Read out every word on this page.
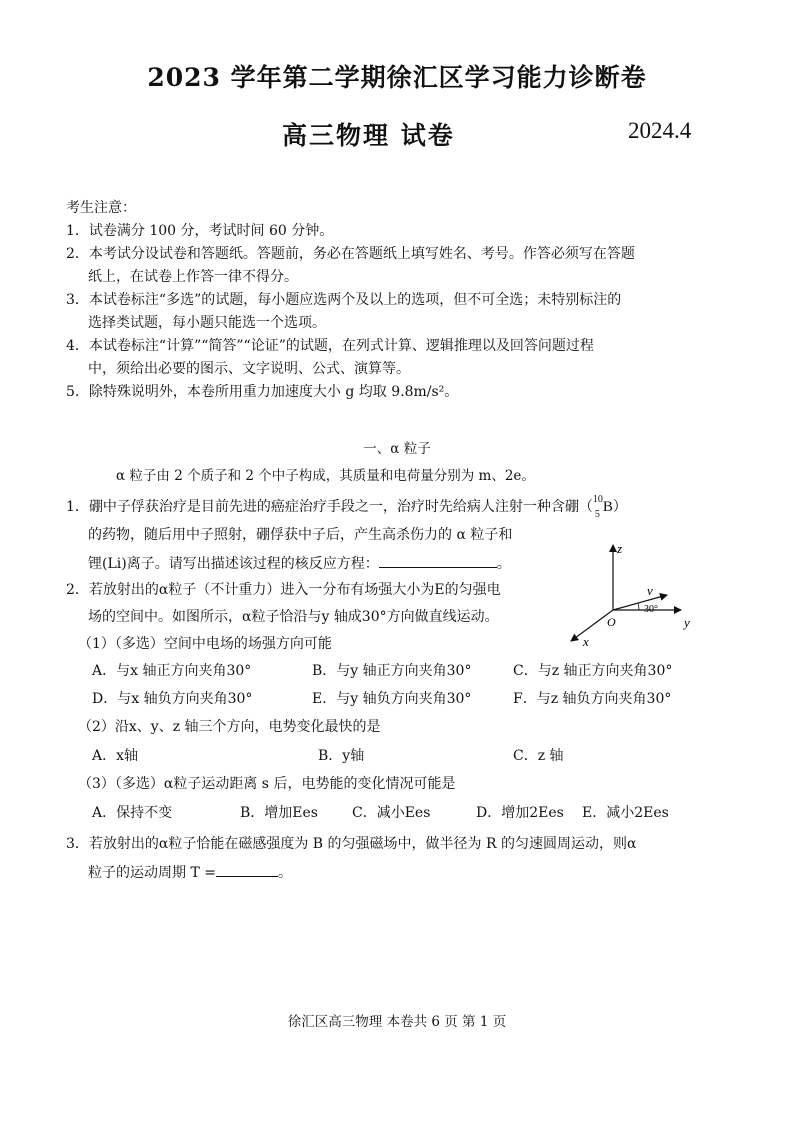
2023 学年第二学期徐汇区学习能力诊断卷
高三物理 试卷	2024.4
考生注意：
1．试卷满分 100 分，考试时间 60 分钟。
2．本考试分设试卷和答题纸。答题前，务必在答题纸上填写姓名、考号。作答必须写在答题
纸上，在试卷上作答一律不得分。
3．本试卷标注“多选”的试题，每小题应选两个及以上的选项，但不可全选；未特别标注的
选择类试题，每小题只能选一个选项。
4．本试卷标注“计算”“简答”“论证”的试题，在列式计算、逻辑推理以及回答问题过程
中，须给出必要的图示、文字说明、公式、演算等。
5．除特殊说明外，本卷所用重力加速度大小 g 均取 9.8m/s²。
一、α 粒子
α 粒子由 2 个质子和 2 个中子构成，其质量和电荷量分别为 m、2e。
1．硼中子俘获治疗是目前先进的癌症治疗手段之一，治疗时先给病人注射一种含硼（ 10
5 B）
的药物，随后用中子照射，硼俘获中子后，产生高杀伤力的 α 粒子和
锂(Li)离子。请写出描述该过程的核反应方程：	。
2．若放射出的α粒子（不计重力）进入一分布有场强大小为E的匀强电
场的空间中。如图所示，α粒子恰沿与y 轴成30°方向做直线运动。
z
y
x
O
v
30°
（1）（多选）空间中电场的场强方向可能
A．与x 轴正方向夹角30°	B．与y 轴正方向夹角30°	C．与z 轴正方向夹角30°
D．与x 轴负方向夹角30°	E．与y 轴负方向夹角30°	F．与z 轴负方向夹角30°
（2）沿x、y、z 轴三个方向，电势变化最快的是
A．x轴	B．y轴	C．z 轴
（3）（多选）α粒子运动距离 s 后，电势能的变化情况可能是
A．保持不变	B．增加Ees C．减小Ees	D．增加2Ees E．减小2Ees
3．若放射出的α粒子恰能在磁感强度为 B 的匀强磁场中，做半径为 R 的匀速圆周运动，则α
粒子的运动周期 T =	。
徐汇区高三物理 本卷共 6 页 第 1 页
